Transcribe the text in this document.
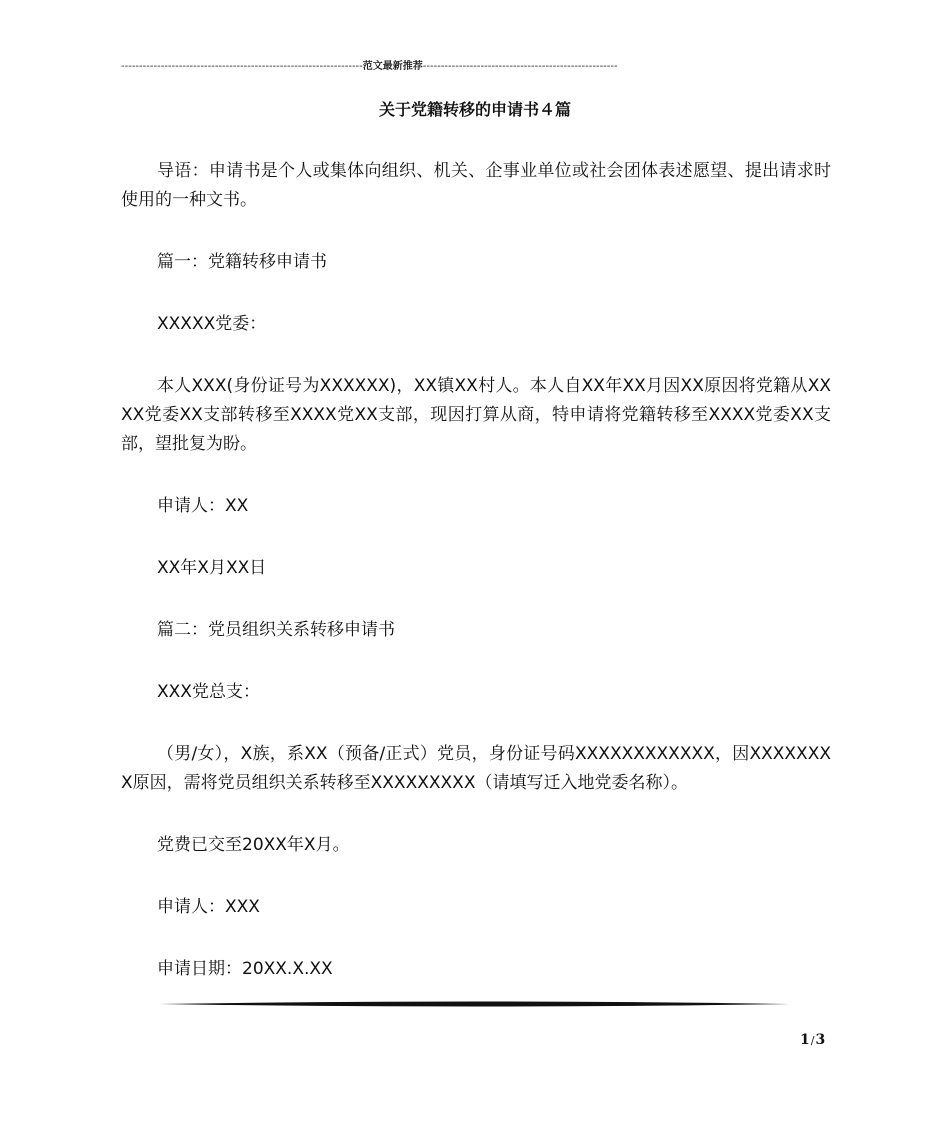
-------------------------------------------------------------------范文最新推荐------------------------------------------------------
关于党籍转移的申请书４篇

导语：申请书是个人或集体向组织、机关、企事业单位或社会团体表述愿望、提出请求时使用的一种文书。

篇一：党籍转移申请书

XXXXX党委：

本人XXX(身份证号为XXXXXX)，XX镇XX村人。本人自XX年XX月因XX原因将党籍从XXXX党委XX支部转移至XXXX党XX支部，现因打算从商，特申请将党籍转移至XXXX党委XX支部，望批复为盼。

申请人：XX

XX年X月XX日

篇二：党员组织关系转移申请书

XXX党总支：

（男/女），X族，系XX（预备/正式）党员，身份证号码XXXXXXXXXXXX，因XXXXXXXX原因，需将党员组织关系转移至XXXXXXXXX（请填写迁入地党委名称）。

党费已交至20XX年X月。

申请人：XXX

申请日期：20XX.X.XX

1/3
